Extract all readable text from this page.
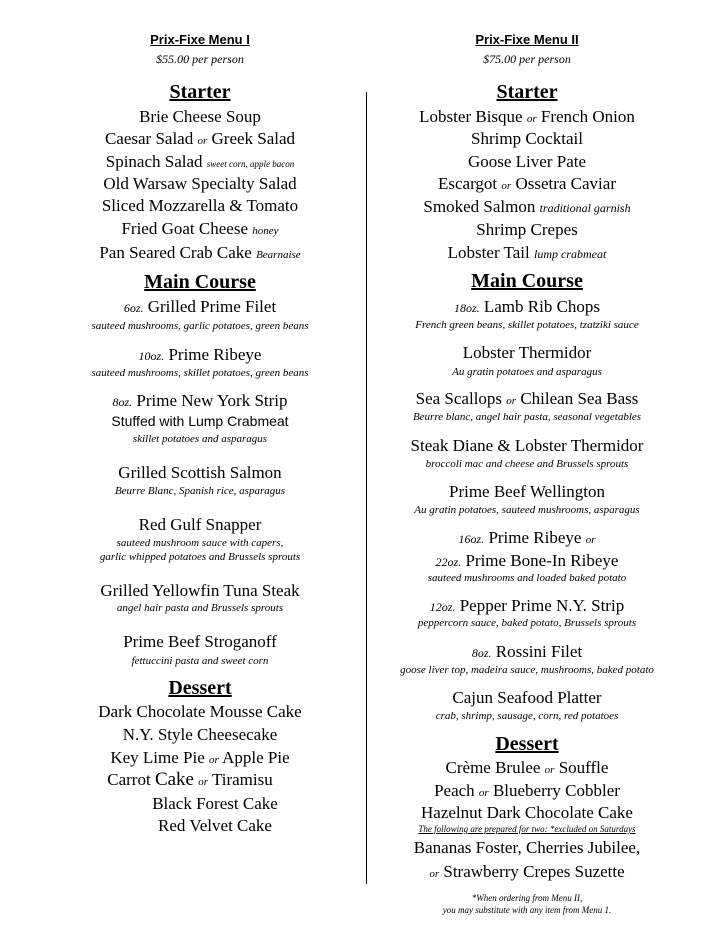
Prix-Fixe Menu I
$55.00 per person
Starter
Brie Cheese Soup
Caesar Salad or Greek Salad
Spinach Salad sweet corn, apple bacon
Old Warsaw Specialty Salad
Sliced Mozzarella & Tomato
Fried Goat Cheese honey
Pan Seared Crab Cake Bearnaise
Main Course
6oz. Grilled Prime Filet
sauteed mushrooms, garlic potatoes, green beans
10oz. Prime Ribeye
sauteed mushrooms, skillet potatoes, green beans
8oz. Prime New York Strip
Stuffed with Lump Crabmeat
skillet potatoes and asparagus
Grilled Scottish Salmon
Beurre Blanc, Spanish rice, asparagus
Red Gulf Snapper
sauteed mushroom sauce with capers,
garlic whipped potatoes and Brussels sprouts
Grilled Yellowfin Tuna Steak
angel hair pasta and Brussels sprouts
Prime Beef Stroganoff
fettuccini pasta and sweet corn
Dessert
Dark Chocolate Mousse Cake
N.Y. Style Cheesecake
Key Lime Pie or Apple Pie
Carrot Cake or Tiramisu
Black Forest Cake
Red Velvet Cake
Prix-Fixe Menu II
$75.00 per person
Starter
Lobster Bisque or French Onion
Shrimp Cocktail
Goose Liver Pate
Escargot or Ossetra Caviar
Smoked Salmon traditional garnish
Shrimp Crepes
Lobster Tail lump crabmeat
Main Course
18oz. Lamb Rib Chops
French green beans, skillet potatoes, tzatziki sauce
Lobster Thermidor
Au gratin potatoes and asparagus
Sea Scallops or Chilean Sea Bass
Beurre blanc, angel hair pasta, seasonal vegetables
Steak Diane & Lobster Thermidor
broccoli mac and cheese and Brussels sprouts
Prime Beef Wellington
Au gratin potatoes, sauteed mushrooms, asparagus
16oz. Prime Ribeye or
22oz. Prime Bone-In Ribeye
sauteed mushrooms and loaded baked potato
12oz. Pepper Prime N.Y. Strip
peppercorn sauce, baked potato, Brussels sprouts
8oz. Rossini Filet
goose liver top, madeira sauce, mushrooms, baked potato
Cajun Seafood Platter
crab, shrimp, sausage, corn, red potatoes
Dessert
Crème Brulee or Souffle
Peach or Blueberry Cobbler
Hazelnut Dark Chocolate Cake
The following are prepared for two: *excluded on Saturdays
Bananas Foster, Cherries Jubilee,
or Strawberry Crepes Suzette
*When ordering from Menu II,
you may substitute with any item from Menu 1.
